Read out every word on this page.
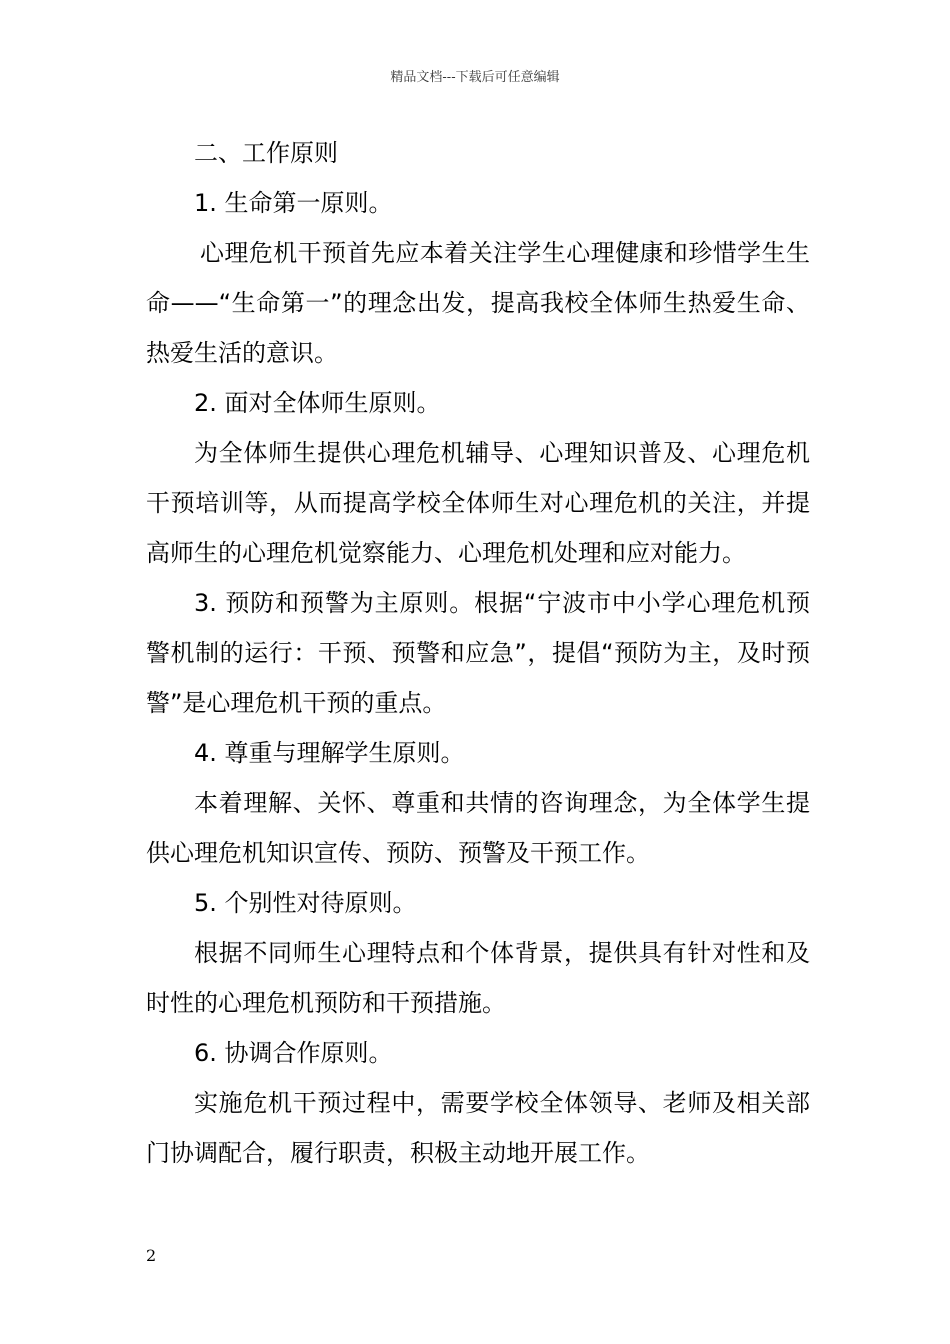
精品文档---下载后可任意编辑

二、工作原则

1. 生命第一原则。

心理危机干预首先应本着关注学生心理健康和珍惜学生生命——“生命第一”的理念出发，提高我校全体师生热爱生命、热爱生活的意识。

2. 面对全体师生原则。

为全体师生提供心理危机辅导、心理知识普及、心理危机干预培训等，从而提高学校全体师生对心理危机的关注，并提高师生的心理危机觉察能力、心理危机处理和应对能力。

3. 预防和预警为主原则。根据“宁波市中小学心理危机预警机制的运行：干预、预警和应急”，提倡“预防为主，及时预警”是心理危机干预的重点。

4. 尊重与理解学生原则。

本着理解、关怀、尊重和共情的咨询理念，为全体学生提供心理危机知识宣传、预防、预警及干预工作。

5. 个别性对待原则。

根据不同师生心理特点和个体背景，提供具有针对性和及时性的心理危机预防和干预措施。

6. 协调合作原则。

实施危机干预过程中，需要学校全体领导、老师及相关部门协调配合，履行职责，积极主动地开展工作。

2
